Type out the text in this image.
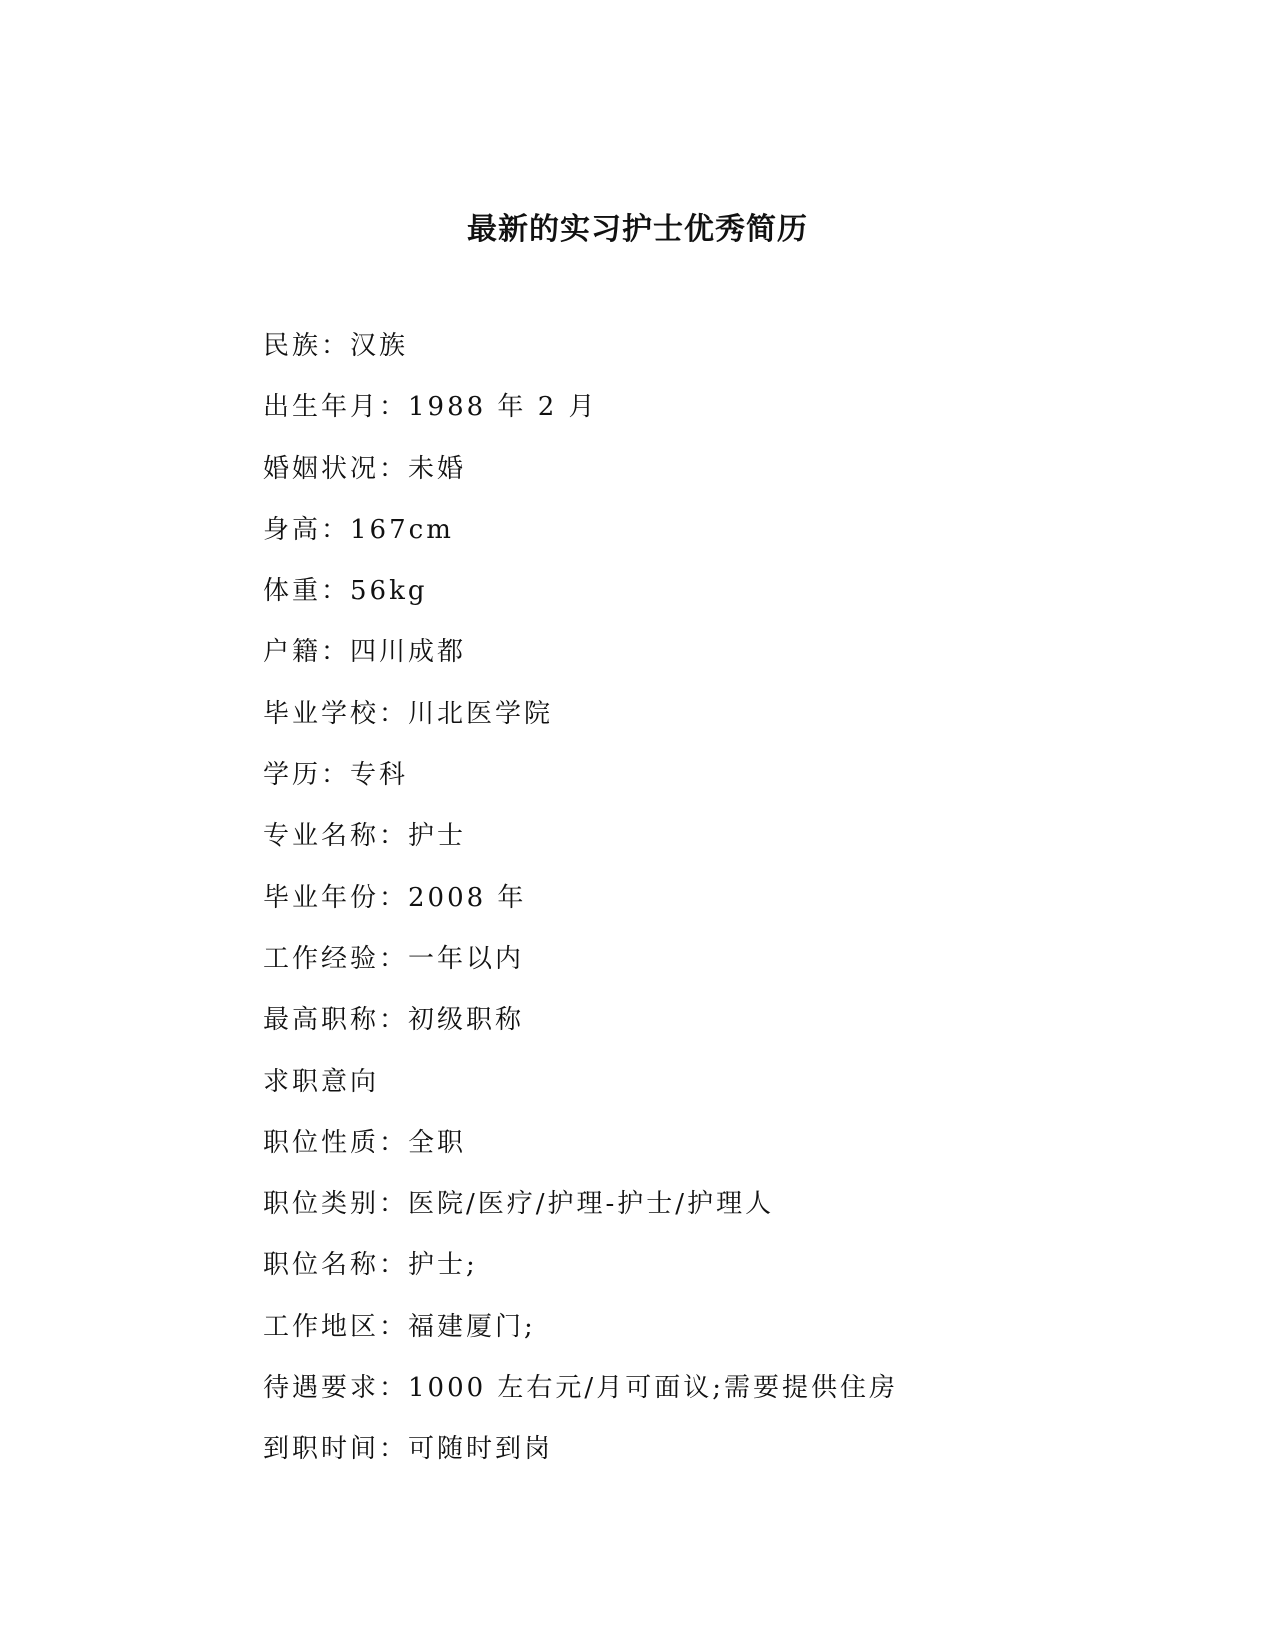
最新的实习护士优秀简历
民族：汉族
出生年月：1988 年 2 月
婚姻状况：未婚
身高：167cm
体重：56kg
户籍：四川成都
毕业学校：川北医学院
学历：专科
专业名称：护士
毕业年份：2008 年
工作经验：一年以内
最高职称：初级职称
求职意向
职位性质：全职
职位类别：医院/医疗/护理-护士/护理人
职位名称：护士;
工作地区：福建厦门;
待遇要求：1000 左右元/月可面议;需要提供住房
到职时间：可随时到岗
